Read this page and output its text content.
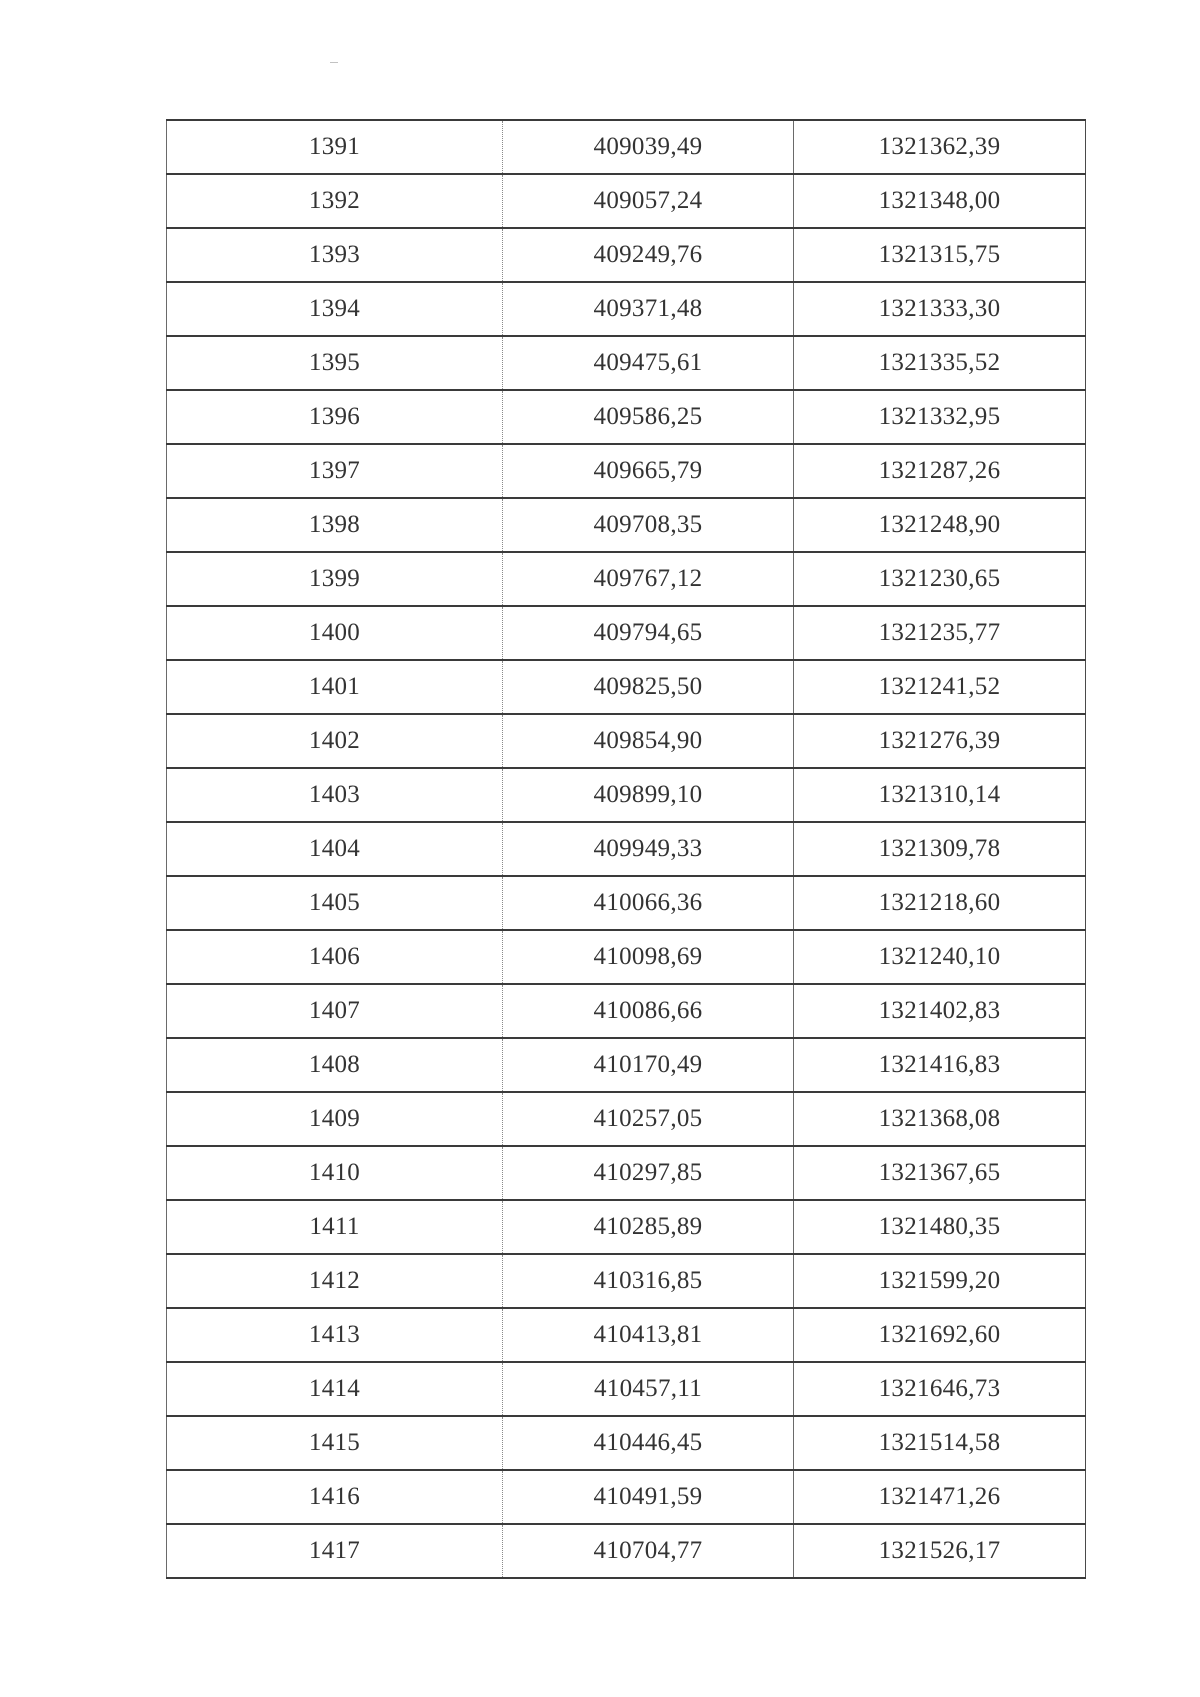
1391	409039,49	1321362,39
1392	409057,24	1321348,00
1393	409249,76	1321315,75
1394	409371,48	1321333,30
1395	409475,61	1321335,52
1396	409586,25	1321332,95
1397	409665,79	1321287,26
1398	409708,35	1321248,90
1399	409767,12	1321230,65
1400	409794,65	1321235,77
1401	409825,50	1321241,52
1402	409854,90	1321276,39
1403	409899,10	1321310,14
1404	409949,33	1321309,78
1405	410066,36	1321218,60
1406	410098,69	1321240,10
1407	410086,66	1321402,83
1408	410170,49	1321416,83
1409	410257,05	1321368,08
1410	410297,85	1321367,65
1411	410285,89	1321480,35
1412	410316,85	1321599,20
1413	410413,81	1321692,60
1414	410457,11	1321646,73
1415	410446,45	1321514,58
1416	410491,59	1321471,26
1417	410704,77	1321526,17
